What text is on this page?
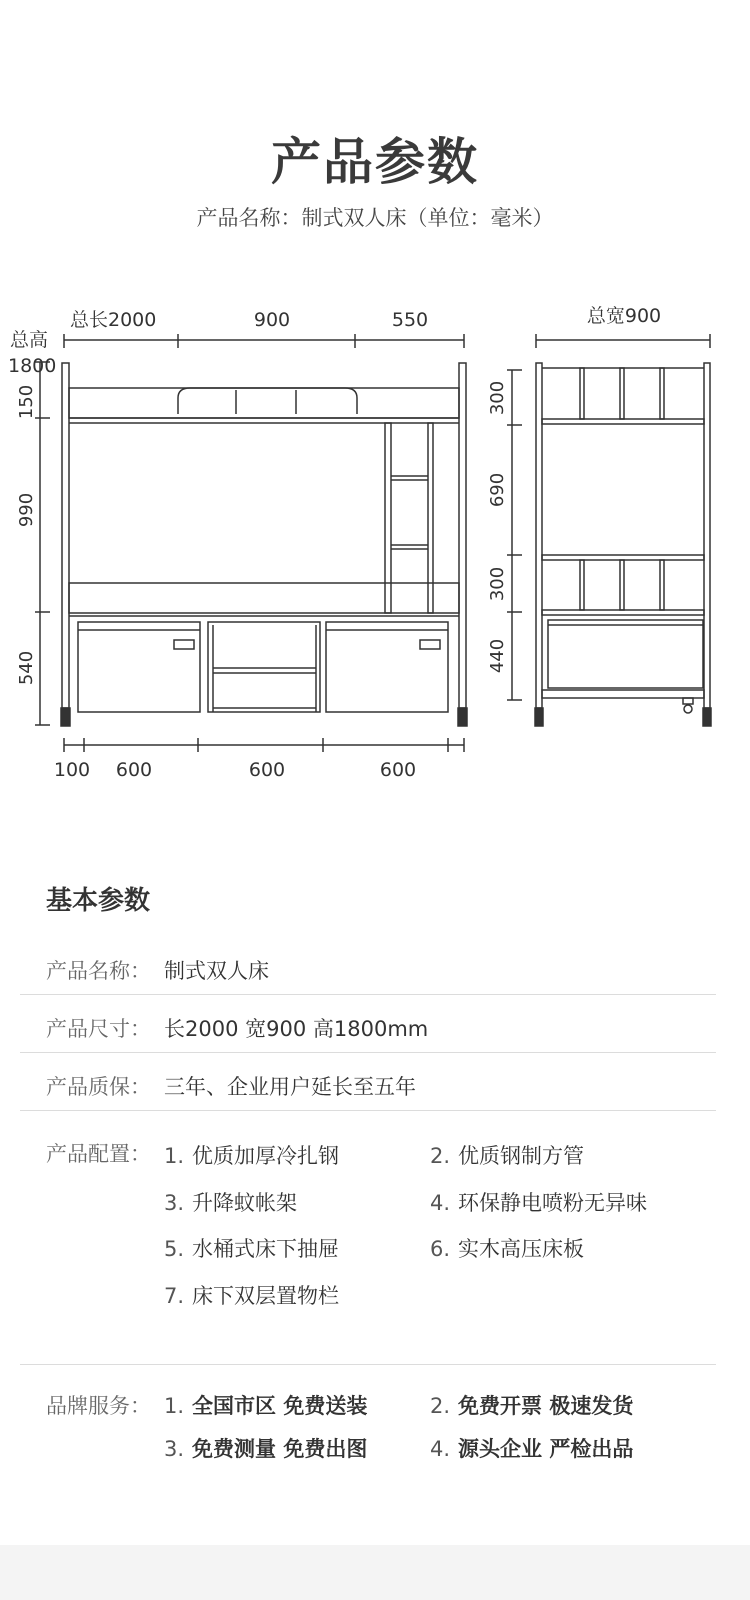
产品参数
产品名称：制式双人床（单位：毫米）
总长2000	900	550
总高
1800
150
990
540
100 600	600	600
总宽900
300
690
300
440
基本参数
产品名称： 制式双人床
产品尺寸： 长2000 宽900 高1800mm
产品质保： 三年、企业用户延长至五年
产品配置： 1. 优质加厚冷扎钢	2. 优质钢制方管
3. 升降蚊帐架	4. 环保静电喷粉无异味
5. 水桶式床下抽屉	6. 实木高压床板
7. 床下双层置物栏
品牌服务： 1. 全国市区 免费送装	2. 免费开票 极速发货
3. 免费测量 免费出图	4. 源头企业 严检出品
